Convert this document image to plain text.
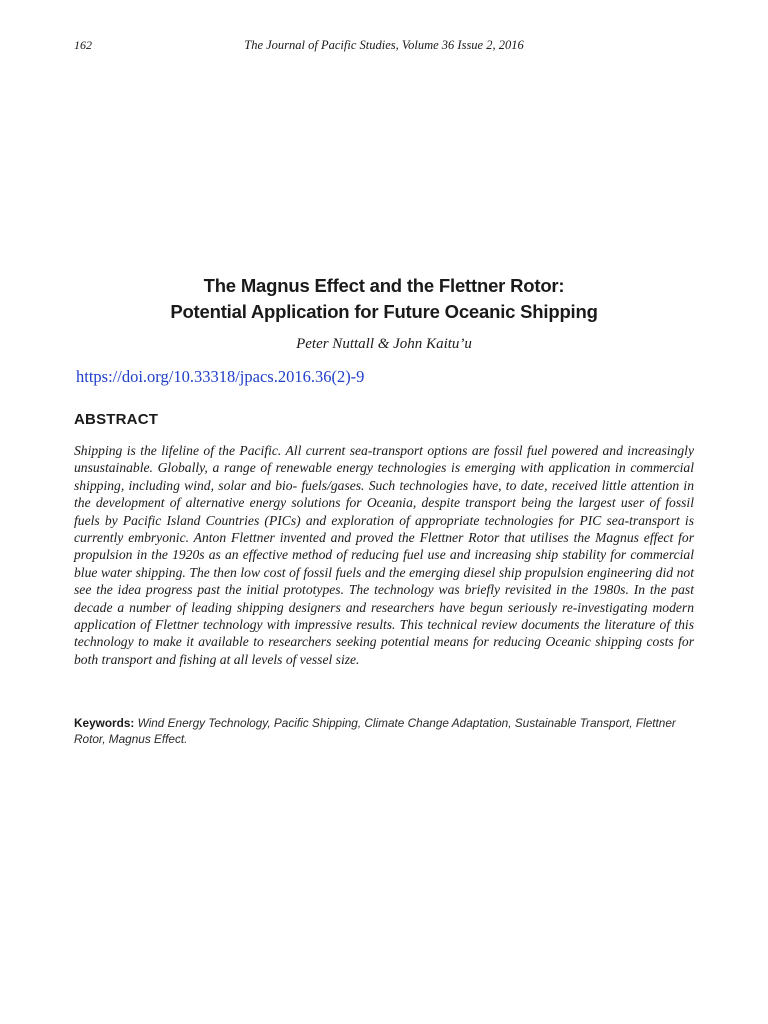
162	The Journal of Pacific Studies, Volume 36 Issue 2, 2016
The Magnus Effect and the Flettner Rotor:
Potential Application for Future Oceanic Shipping
Peter Nuttall & John Kaitu’u
https://doi.org/10.33318/jpacs.2016.36(2)-9
ABSTRACT
Shipping is the lifeline of the Pacific. All current sea-transport options are fossil fuel powered and increasingly unsustainable. Globally, a range of renewable energy technologies is emerging with application in commercial shipping, including wind, solar and bio- fuels/gases. Such technologies have, to date, received little attention in the development of alternative energy solutions for Oceania, despite transport being the largest user of fossil fuels by Pacific Island Countries (PICs) and exploration of appropriate technologies for PIC sea-transport is currently embryonic. Anton Flettner invented and proved the Flettner Rotor that utilises the Magnus effect for propulsion in the 1920s as an effective method of reducing fuel use and increasing ship stability for commercial blue water shipping. The then low cost of fossil fuels and the emerging diesel ship propulsion engineering did not see the idea progress past the initial prototypes. The technology was briefly revisited in the 1980s. In the past decade a number of leading shipping designers and researchers have begun seriously re-investigating modern application of Flettner technology with impressive results. This technical review documents the literature of this technology to make it available to researchers seeking potential means for reducing Oceanic shipping costs for both transport and fishing at all levels of vessel size.
Keywords: Wind Energy Technology, Pacific Shipping, Climate Change Adaptation, Sustainable Transport, Flettner Rotor, Magnus Effect.
